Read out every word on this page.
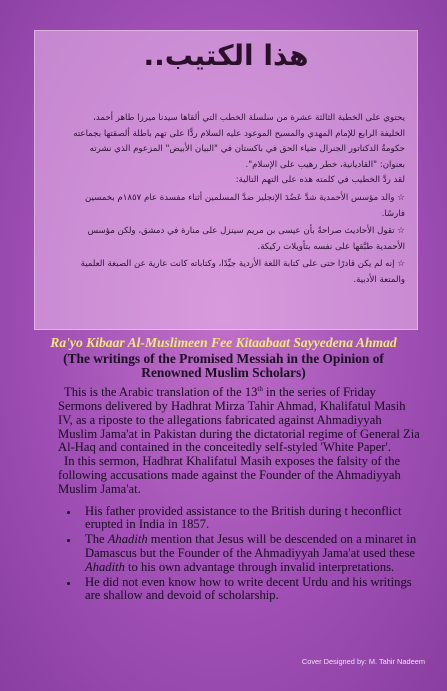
هذا الكتيب..

يحتوي على الخطبة الثالثة عشرة من سلسلة الخطب التي ألقاها سيدنا ميرزا طاهر أحمد،

الخليفة الرابع للإمام المهدي والمسيح الموعود عليه السلام ردًّا على تهم باطلة ألصقتها بجماعته

حكومةُ الدكتاتور الجنرال ضياء الحق في باكستان في "البيان الأبيض" المزعوم الذي نشرته

بعنوان: "القاديانية، خطر رهيب على الإسلام".

لقد ردَّ الخطيب في كلمته هذه على التهم التالية:

☆ والد مؤسس الأحمدية شدَّ عَضُدَ الإنجليز ضدَّ المسلمين أثناء مفسدة عام ١٨٥٧م بخمسين

فارسًا.

☆ تقول الأحاديث صراحةً بأن عيسى بن مريم سينزل على منارة في دمشق، ولكن مؤسس

الأحمدية طبَّقها على نفسه بتأويلات ركيكة.

☆ إنه لم يكن قادرًا حتى على كتابة اللغة الأردية جيِّدًا، وكتاباته كانت عارية عن الصبغة العلمية

والمتعة الأدبية.

Ra'yo Kibaar Al-Muslimeen Fee Kitaabaat Sayyedena Ahmad
(The writings of the Promised Messiah in the Opinion of Renowned Muslim Scholars)

This is the Arabic translation of the 13th in the series of Friday Sermons delivered by Hadhrat Mirza Tahir Ahmad, Khalifatul Masih IV, as a riposte to the allegations fabricated against Ahmadiyyah Muslim Jama'at in Pakistan during the dictatorial regime of General Zia Al-Haq and contained in the conceitedly self-styled 'White Paper'.

In this sermon, Hadhrat Khalifatul Masih exposes the falsity of the following accusations made against the Founder of the Ahmadiyyah Muslim Jama'at.

• His father provided assistance to the British during t heconflict erupted in India in 1857.
• The Ahadith mention that Jesus will be descended on a minaret in Damascus but the Founder of the Ahmadiyyah Jama'at used these Ahadith to his own advantage through invalid interpretations.
• He did not even know how to write decent Urdu and his writings are shallow and devoid of scholarship.
Cover Designed by: M. Tahir Nadeem
